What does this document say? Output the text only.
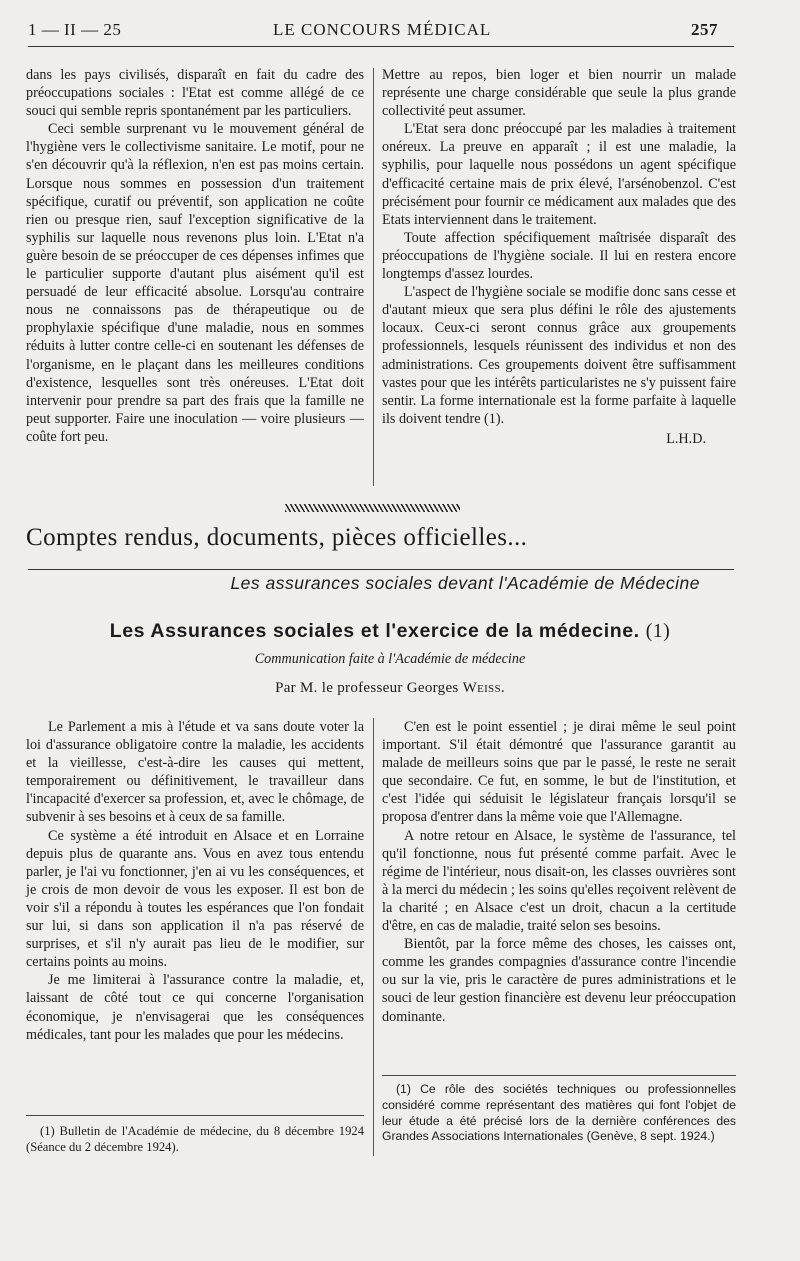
1 — II — 25	LE CONCOURS MÉDICAL	257

dans les pays civilisés, disparaît en fait du cadre des préoccupations sociales : l'Etat est comme allégé de ce souci qui semble repris spontanément par les particuliers.

Ceci semble surprenant vu le mouvement général de l'hygiène vers le collectivisme sanitaire. Le motif, pour ne s'en découvrir qu'à la réflexion, n'en est pas moins certain. Lorsque nous sommes en possession d'un traitement spécifique, curatif ou préventif, son application ne coûte rien ou presque rien, sauf l'exception significative de la syphilis sur laquelle nous revenons plus loin. L'Etat n'a guère besoin de se préoccuper de ces dépenses infimes que le particulier supporte d'autant plus aisément qu'il est persuadé de leur efficacité absolue. Lorsqu'au contraire nous ne connaissons pas de thérapeutique ou de prophylaxie spécifique d'une maladie, nous en sommes réduits à lutter contre celle-ci en soutenant les défenses de l'organisme, en le plaçant dans les meilleures conditions d'existence, lesquelles sont très onéreuses. L'Etat doit intervenir pour prendre sa part des frais que la famille ne peut supporter. Faire une inoculation — voire plusieurs — coûte fort peu.

Mettre au repos, bien loger et bien nourrir un malade représente une charge considérable que seule la plus grande collectivité peut assumer.

L'Etat sera donc préoccupé par les maladies à traitement onéreux. La preuve en apparaît ; il est une maladie, la syphilis, pour laquelle nous possédons un agent spécifique d'efficacité certaine mais de prix élevé, l'arsénobenzol. C'est précisément pour fournir ce médicament aux malades que des Etats interviennent dans le traitement.

Toute affection spécifiquement maîtrisée disparaît des préoccupations de l'hygiène sociale. Il lui en restera encore longtemps d'assez lourdes.

L'aspect de l'hygiène sociale se modifie donc sans cesse et d'autant mieux que sera plus défini le rôle des ajustements locaux. Ceux-ci seront connus grâce aux groupements professionnels, lesquels réunissent des individus et non des administrations. Ces groupements doivent être suffisamment vastes pour que les intérêts particularistes ne s'y puissent faire sentir. La forme internationale est la forme parfaite à laquelle ils doivent tendre (1).

L.H.D.
Comptes rendus, documents, pièces officielles...
Les assurances sociales devant l'Académie de Médecine
Les Assurances sociales et l'exercice de la médecine. (1)
Communication faite à l'Académie de médecine
Par M. le professeur Georges Weiss.

Le Parlement a mis à l'étude et va sans doute voter la loi d'assurance obligatoire contre la maladie, les accidents et la vieillesse, c'est-à-dire les causes qui mettent, temporairement ou définitivement, le travailleur dans l'incapacité d'exercer sa profession, et, avec le chômage, de subvenir à ses besoins et à ceux de sa famille.

Ce système a été introduit en Alsace et en Lorraine depuis plus de quarante ans. Vous en avez tous entendu parler, je l'ai vu fonctionner, j'en ai vu les conséquences, et je crois de mon devoir de vous les exposer. Il est bon de voir s'il a répondu à toutes les espérances que l'on fondait sur lui, si dans son application il n'a pas réservé de surprises, et s'il n'y aurait pas lieu de le modifier, sur certains points au moins.

Je me limiterai à l'assurance contre la maladie, et, laissant de côté tout ce qui concerne l'organisation économique, je n'envisagerai que les conséquences médicales, tant pour les malades que pour les médecins.

C'en est le point essentiel ; je dirai même le seul point important. S'il était démontré que l'assurance garantit au malade de meilleurs soins que par le passé, le reste ne serait que secondaire. Ce fut, en somme, le but de l'institution, et c'est l'idée qui séduisit le législateur français lorsqu'il se proposa d'entrer dans la même voie que l'Allemagne.

A notre retour en Alsace, le système de l'assurance, tel qu'il fonctionne, nous fut présenté comme parfait. Avec le régime de l'intérieur, nous disait-on, les classes ouvrières sont à la merci du médecin ; les soins qu'elles reçoivent relèvent de la charité ; en Alsace c'est un droit, chacun a la certitude d'être, en cas de maladie, traité selon ses besoins.

Bientôt, par la force même des choses, les caisses ont, comme les grandes compagnies d'assurance contre l'incendie ou sur la vie, pris le caractère de pures administrations et le souci de leur gestion financière est devenu leur préoccupation dominante.

(1) Bulletin de l'Académie de médecine, du 8 décembre 1924 (Séance du 2 décembre 1924).

(1) Ce rôle des sociétés techniques ou professionnelles considéré comme représentant des matières qui font l'objet de leur étude a été précisé lors de la dernière conférences des Grandes Associations Internationales (Genève, 8 sept. 1924.)
